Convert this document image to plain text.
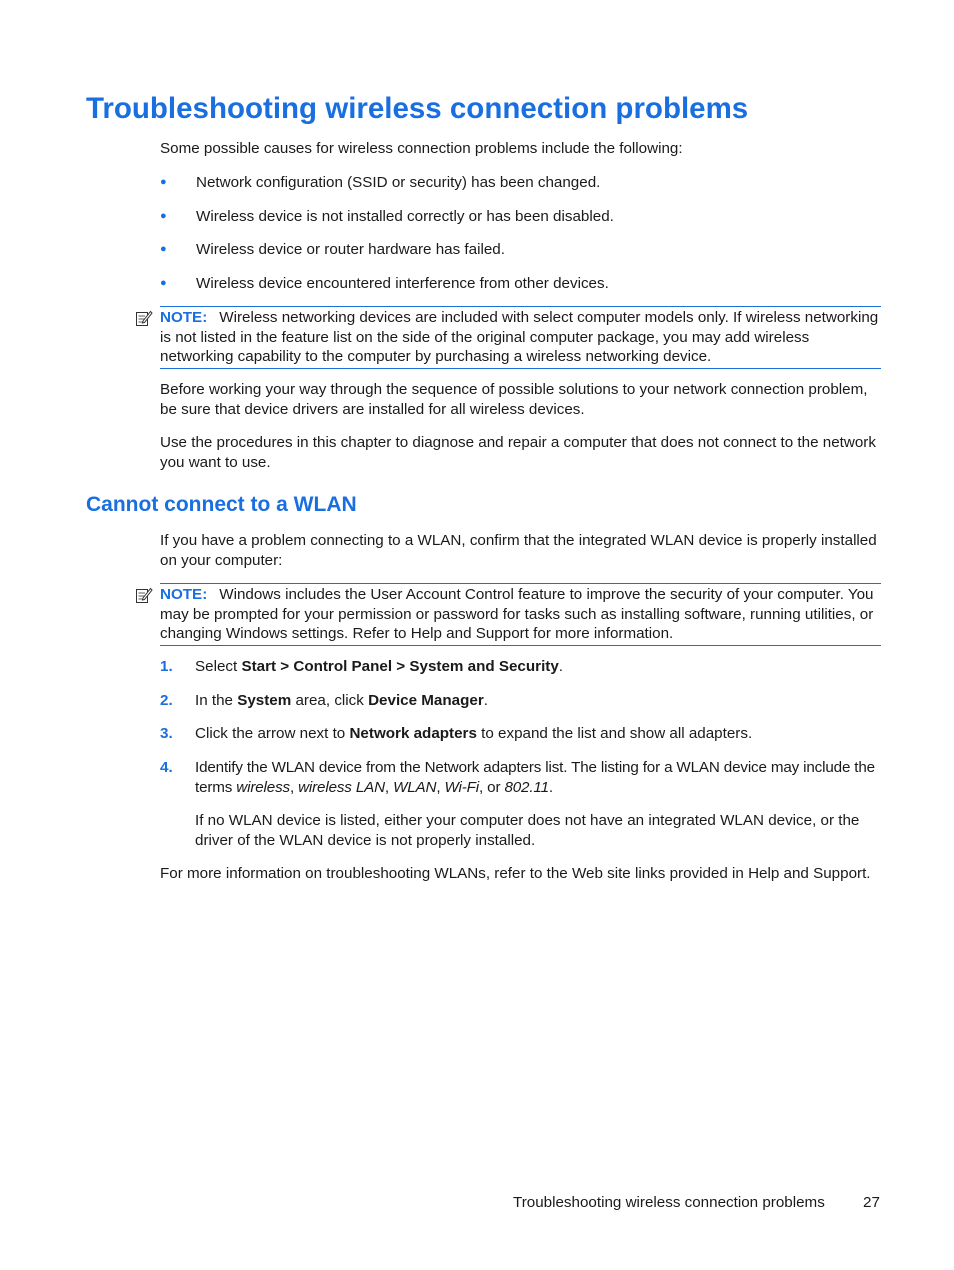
Troubleshooting wireless connection problems
Some possible causes for wireless connection problems include the following:
● Network configuration (SSID or security) has been changed.
● Wireless device is not installed correctly or has been disabled.
● Wireless device or router hardware has failed.
● Wireless device encountered interference from other devices.
NOTE: Wireless networking devices are included with select computer models only. If wireless networking is not listed in the feature list on the side of the original computer package, you may add wireless networking capability to the computer by purchasing a wireless networking device.
Before working your way through the sequence of possible solutions to your network connection problem, be sure that device drivers are installed for all wireless devices.
Use the procedures in this chapter to diagnose and repair a computer that does not connect to the network you want to use.
Cannot connect to a WLAN
If you have a problem connecting to a WLAN, confirm that the integrated WLAN device is properly installed on your computer:
NOTE: Windows includes the User Account Control feature to improve the security of your computer. You may be prompted for your permission or password for tasks such as installing software, running utilities, or changing Windows settings. Refer to Help and Support for more information.
1. Select Start > Control Panel > System and Security.
2. In the System area, click Device Manager.
3. Click the arrow next to Network adapters to expand the list and show all adapters.
4. Identify the WLAN device from the Network adapters list. The listing for a WLAN device may include the terms wireless, wireless LAN, WLAN, Wi-Fi, or 802.11.
If no WLAN device is listed, either your computer does not have an integrated WLAN device, or the driver of the WLAN device is not properly installed.
For more information on troubleshooting WLANs, refer to the Web site links provided in Help and Support.
Troubleshooting wireless connection problems	27
